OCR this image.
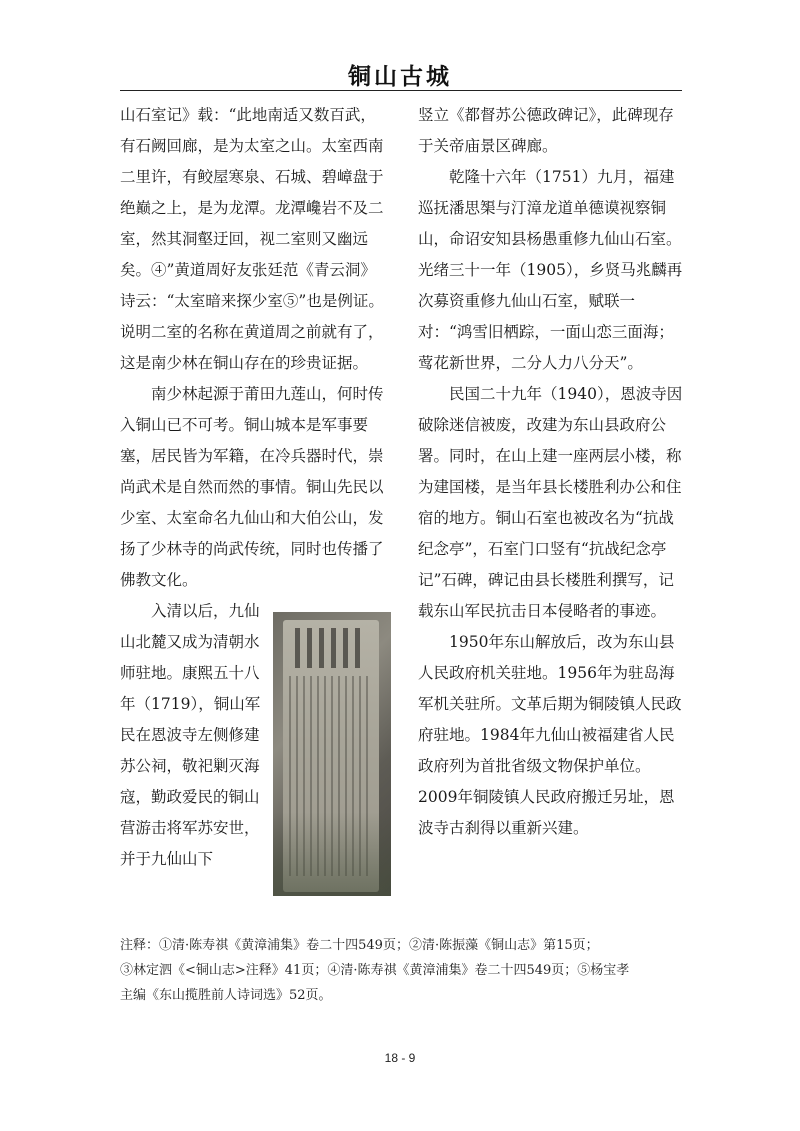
铜山古城

山石室记》载：“此地南适又数百武，有石阙回廊，是为太室之山。太室西南二里许，有鲛屋寒泉、石城、碧嶂盘于绝巅之上，是为龙潭。龙潭巉岩不及二室，然其洞壑迂回，视二室则又幽远矣。④”黄道周好友张廷范《青云洞》诗云：“太室暗来探少室⑤”也是例证。说明二室的名称在黄道周之前就有了，这是南少林在铜山存在的珍贵证据。

南少林起源于莆田九莲山，何时传入铜山已不可考。铜山城本是军事要塞，居民皆为军籍，在冷兵器时代，崇尚武术是自然而然的事情。铜山先民以少室、太室命名九仙山和大伯公山，发扬了少林寺的尚武传统，同时也传播了佛教文化。

入清以后，九仙山北麓又成为清朝水师驻地。康熙五十八年（1719），铜山军民在恩波寺左侧修建苏公祠，敬祀剿灭海寇，勤政爱民的铜山营游击将军苏安世，并于九仙山下

竖立《都督苏公德政碑记》，此碑现存于关帝庙景区碑廊。

乾隆十六年（1751）九月，福建巡抚潘思榘与汀漳龙道单德谟视察铜山，命诏安知县杨愚重修九仙山石室。光绪三十一年（1905），乡贤马兆麟再次募资重修九仙山石室，赋联一对：“鸿雪旧栖踪，一面山恋三面海；莺花新世界，二分人力八分天”。

民国二十九年（1940），恩波寺因破除迷信被废，改建为东山县政府公署。同时，在山上建一座两层小楼，称为建国楼，是当年县长楼胜利办公和住宿的地方。铜山石室也被改名为“抗战纪念亭”，石室门口竖有“抗战纪念亭记”石碑，碑记由县长楼胜利撰写，记载东山军民抗击日本侵略者的事迹。

1950年东山解放后，改为东山县人民政府机关驻地。1956年为驻岛海军机关驻所。文革后期为铜陵镇人民政府驻地。1984年九仙山被福建省人民政府列为首批省级文物保护单位。2009年铜陵镇人民政府搬迁另址，恩波寺古刹得以重新兴建。

注释：①清·陈寿祺《黄漳浦集》卷二十四549页；②清·陈振藻《铜山志》第15页；

③林定泗《<铜山志>注释》41页；④清·陈寿祺《黄漳浦集》卷二十四549页；⑤杨宝孝

主编《东山揽胜前人诗词选》52页。

18 - 9
